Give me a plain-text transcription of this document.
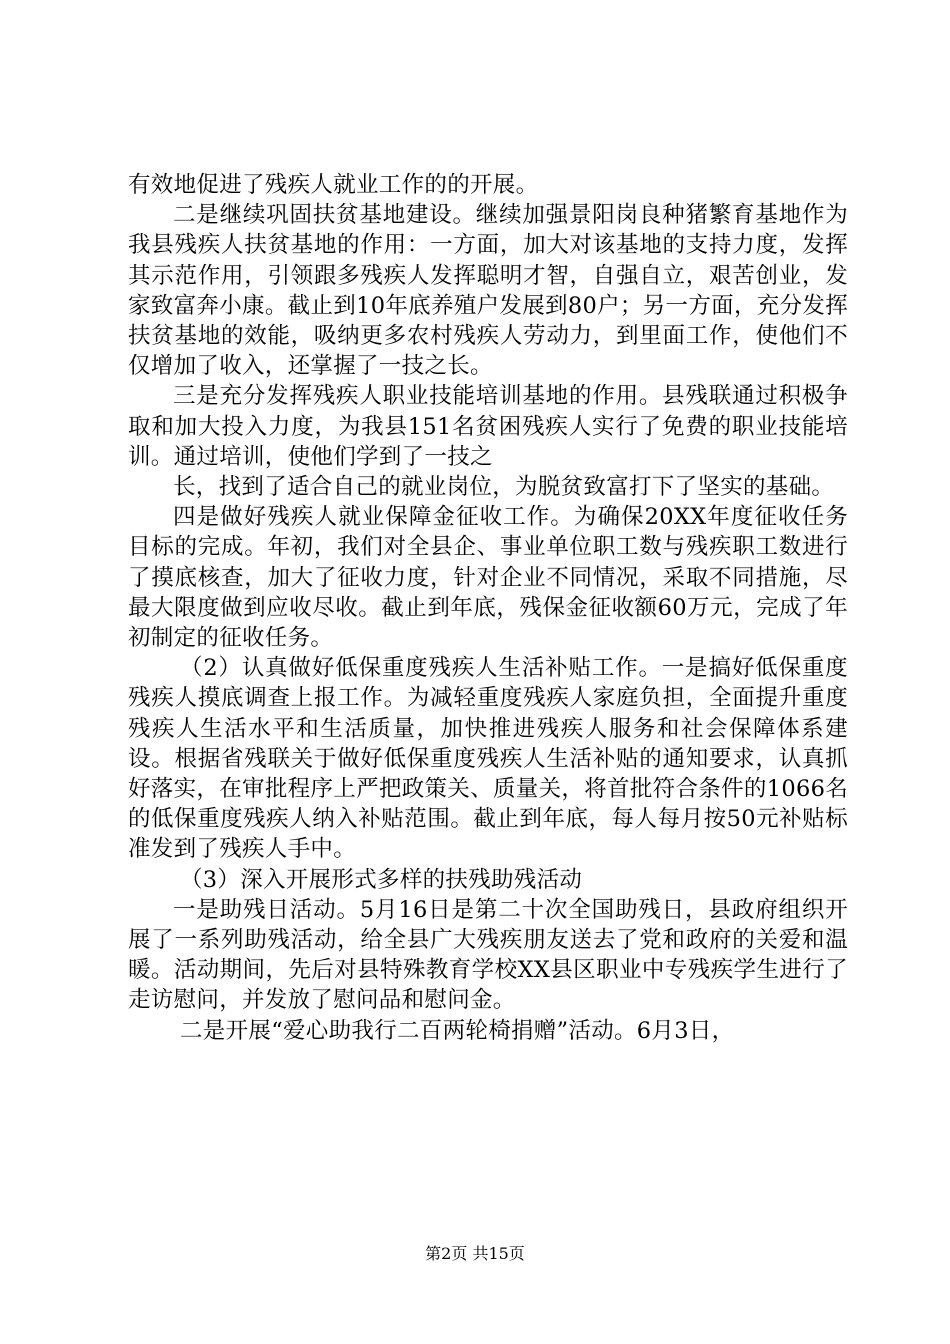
有效地促进了残疾人就业工作的的开展。

二是继续巩固扶贫基地建设。继续加强景阳岗良种猪繁育基地作为我县残疾人扶贫基地的作用：一方面，加大对该基地的支持力度，发挥其示范作用，引领跟多残疾人发挥聪明才智，自强自立，艰苦创业，发家致富奔小康。截止到10年底养殖户发展到80户；另一方面，充分发挥扶贫基地的效能，吸纳更多农村残疾人劳动力，到里面工作，使他们不仅增加了收入，还掌握了一技之长。

三是充分发挥残疾人职业技能培训基地的作用。县残联通过积极争取和加大投入力度，为我县151名贫困残疾人实行了免费的职业技能培训。通过培训，使他们学到了一技之

长，找到了适合自己的就业岗位，为脱贫致富打下了坚实的基础。

四是做好残疾人就业保障金征收工作。为确保20XX年度征收任务目标的完成。年初，我们对全县企、事业单位职工数与残疾职工数进行了摸底核查，加大了征收力度，针对企业不同情况，采取不同措施，尽最大限度做到应收尽收。截止到年底，残保金征收额60万元，完成了年初制定的征收任务。

（2）认真做好低保重度残疾人生活补贴工作。一是搞好低保重度残疾人摸底调查上报工作。为减轻重度残疾人家庭负担，全面提升重度残疾人生活水平和生活质量，加快推进残疾人服务和社会保障体系建设。根据省残联关于做好低保重度残疾人生活补贴的通知要求，认真抓好落实，在审批程序上严把政策关、质量关，将首批符合条件的1066名的低保重度残疾人纳入补贴范围。截止到年底，每人每月按50元补贴标准发到了残疾人手中。

（3）深入开展形式多样的扶残助残活动

一是助残日活动。5月16日是第二十次全国助残日，县政府组织开展了一系列助残活动，给全县广大残疾朋友送去了党和政府的关爱和温暖。活动期间，先后对县特殊教育学校XX县区职业中专残疾学生进行了走访慰问，并发放了慰问品和慰问金。

二是开展“爱心助我行二百两轮椅捐赠”活动。6月3日，

第2页 共15页
